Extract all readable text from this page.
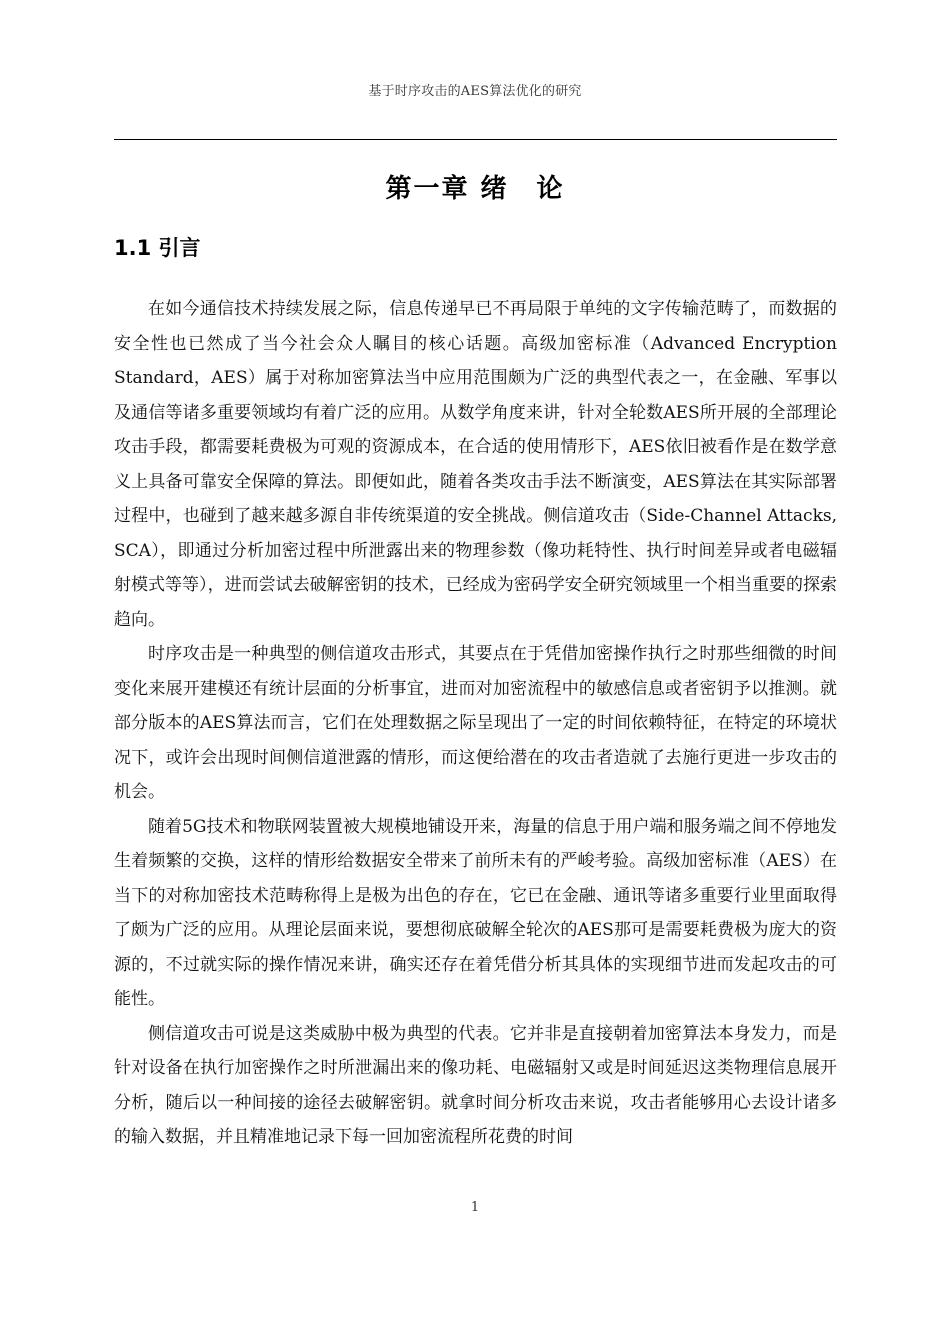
基于时序攻击的AES算法优化的研究
第一章 绪　论
1.1 引言

在如今通信技术持续发展之际，信息传递早已不再局限于单纯的文字传输范畴了，而数据的安全性也已然成了当今社会众人瞩目的核心话题。高级加密标准（Advanced Encryption Standard，AES）属于对称加密算法当中应用范围颇为广泛的典型代表之一，在金融、军事以及通信等诸多重要领域均有着广泛的应用。从数学角度来讲，针对全轮数AES所开展的全部理论攻击手段，都需要耗费极为可观的资源成本，在合适的使用情形下，AES依旧被看作是在数学意义上具备可靠安全保障的算法。即便如此，随着各类攻击手法不断演变，AES算法在其实际部署过程中，也碰到了越来越多源自非传统渠道的安全挑战。侧信道攻击（Side-Channel Attacks, SCA），即通过分析加密过程中所泄露出来的物理参数（像功耗特性、执行时间差异或者电磁辐射模式等等），进而尝试去破解密钥的技术，已经成为密码学安全研究领域里一个相当重要的探索趋向。

时序攻击是一种典型的侧信道攻击形式，其要点在于凭借加密操作执行之时那些细微的时间变化来展开建模还有统计层面的分析事宜，进而对加密流程中的敏感信息或者密钥予以推测。就部分版本的AES算法而言，它们在处理数据之际呈现出了一定的时间依赖特征，在特定的环境状况下，或许会出现时间侧信道泄露的情形，而这便给潜在的攻击者造就了去施行更进一步攻击的机会。

随着5G技术和物联网装置被大规模地铺设开来，海量的信息于用户端和服务端之间不停地发生着频繁的交换，这样的情形给数据安全带来了前所未有的严峻考验。高级加密标准（AES）在当下的对称加密技术范畴称得上是极为出色的存在，它已在金融、通讯等诸多重要行业里面取得了颇为广泛的应用。从理论层面来说，要想彻底破解全轮次的AES那可是需要耗费极为庞大的资源的，不过就实际的操作情况来讲，确实还存在着凭借分析其具体的实现细节进而发起攻击的可能性。

侧信道攻击可说是这类威胁中极为典型的代表。它并非是直接朝着加密算法本身发力，而是针对设备在执行加密操作之时所泄漏出来的像功耗、电磁辐射又或是时间延迟这类物理信息展开分析，随后以一种间接的途径去破解密钥。就拿时间分析攻击来说，攻击者能够用心去设计诸多的输入数据，并且精准地记录下每一回加密流程所花费的时间

1
